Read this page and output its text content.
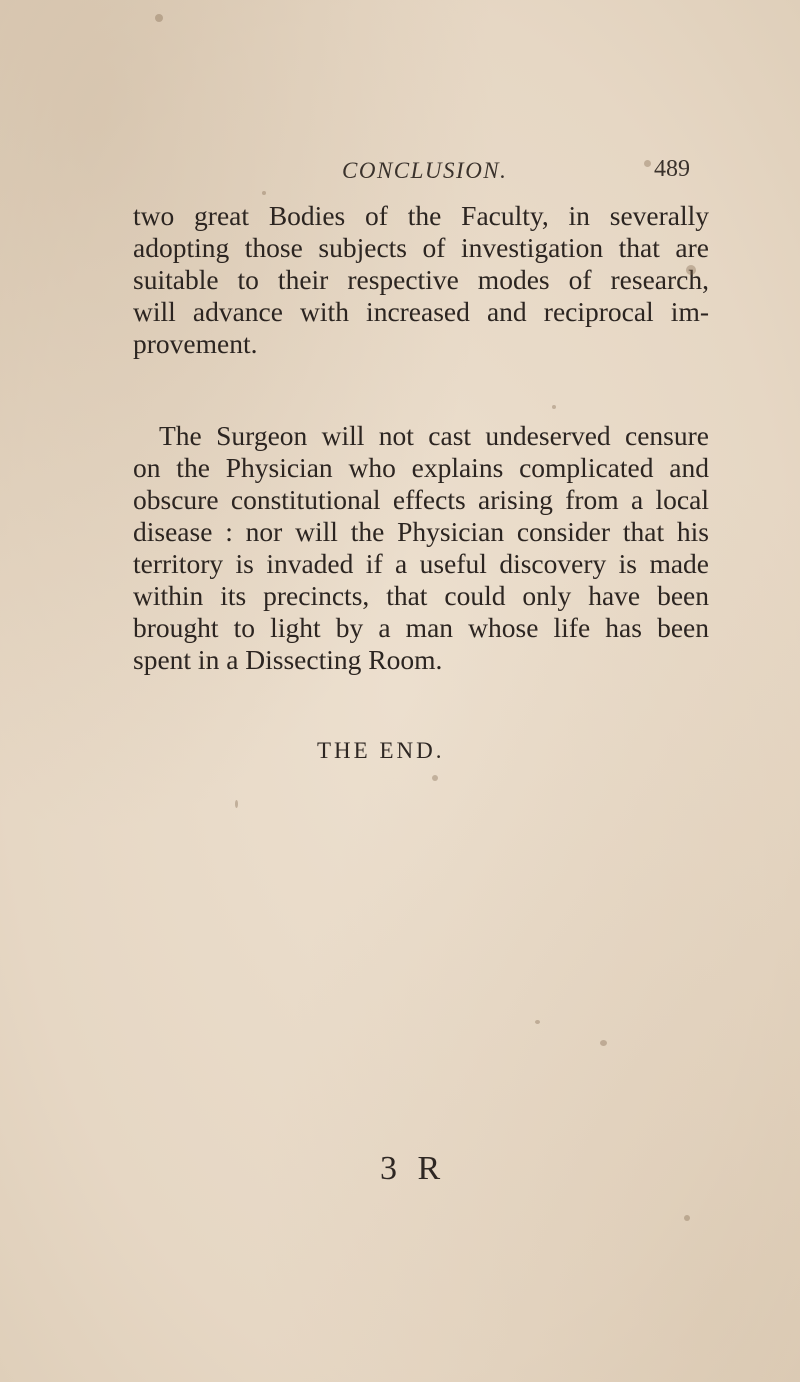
CONCLUSION.	489

two great Bodies of the Faculty, in severally
adopting those subjects of investigation that are
suitable to their respective modes of research,
will advance with increased and reciprocal im-
provement.

The Surgeon will not cast undeserved censure
on the Physician who explains complicated and
obscure constitutional effects arising from a local
disease : nor will the Physician consider that his
territory is invaded if a useful discovery is made
within its precincts, that could only have been
brought to light by a man whose life has been
spent in a Dissecting Room.

THE END.
3 R
